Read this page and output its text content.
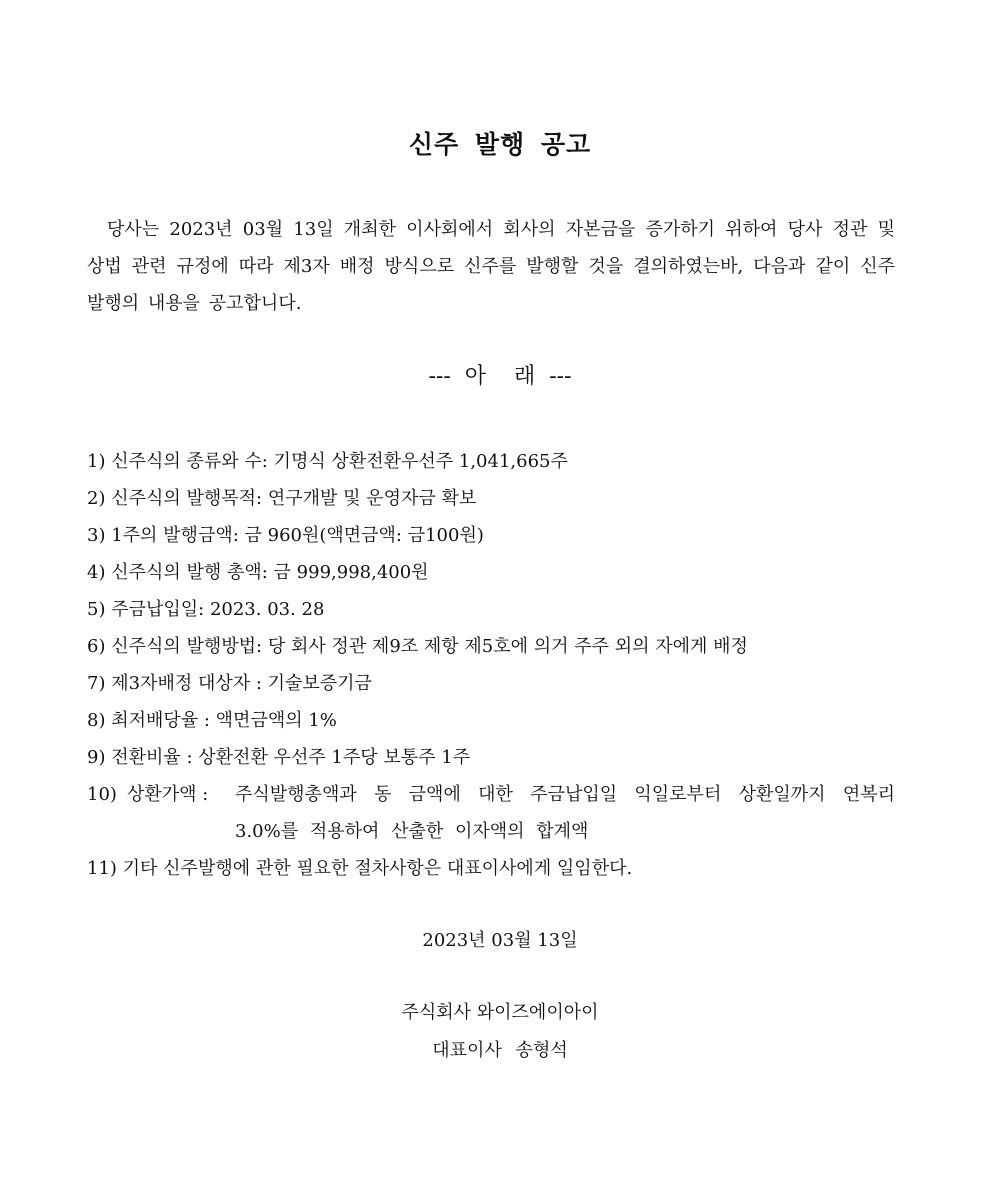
신주 발행 공고

당사는 2023년 03월 13일 개최한 이사회에서 회사의 자본금을 증가하기 위하여 당사 정관 및 상법 관련 규정에 따라 제3자 배정 방식으로 신주를 발행할 것을 결의하였는바, 다음과 같이 신주 발행의 내용을 공고합니다.

---  아    래  ---

1) 신주식의 종류와 수: 기명식 상환전환우선주 1,041,665주
2) 신주식의 발행목적: 연구개발 및 운영자금 확보
3) 1주의 발행금액: 금 960원(액면금액: 금100원)
4) 신주식의 발행 총액: 금 999,998,400원
5) 주금납입일: 2023. 03. 28
6) 신주식의 발행방법: 당 회사 정관 제9조 제항 제5호에 의거 주주 외의 자에게 배정
7) 제3자배정 대상자 : 기술보증기금
8) 최저배당율 : 액면금액의 1%
9) 전환비율 : 상환전환 우선주 1주당 보통주 1주
10) 상환가액 : 주식발행총액과 동 금액에 대한 주금납입일 익일로부터 상환일까지 연복리 3.0%를 적용하여 산출한 이자액의 합계액
11) 기타 신주발행에 관한 필요한 절차사항은 대표이사에게 일임한다.

2023년 03월 13일

주식회사 와이즈에이아이

대표이사 송형석
